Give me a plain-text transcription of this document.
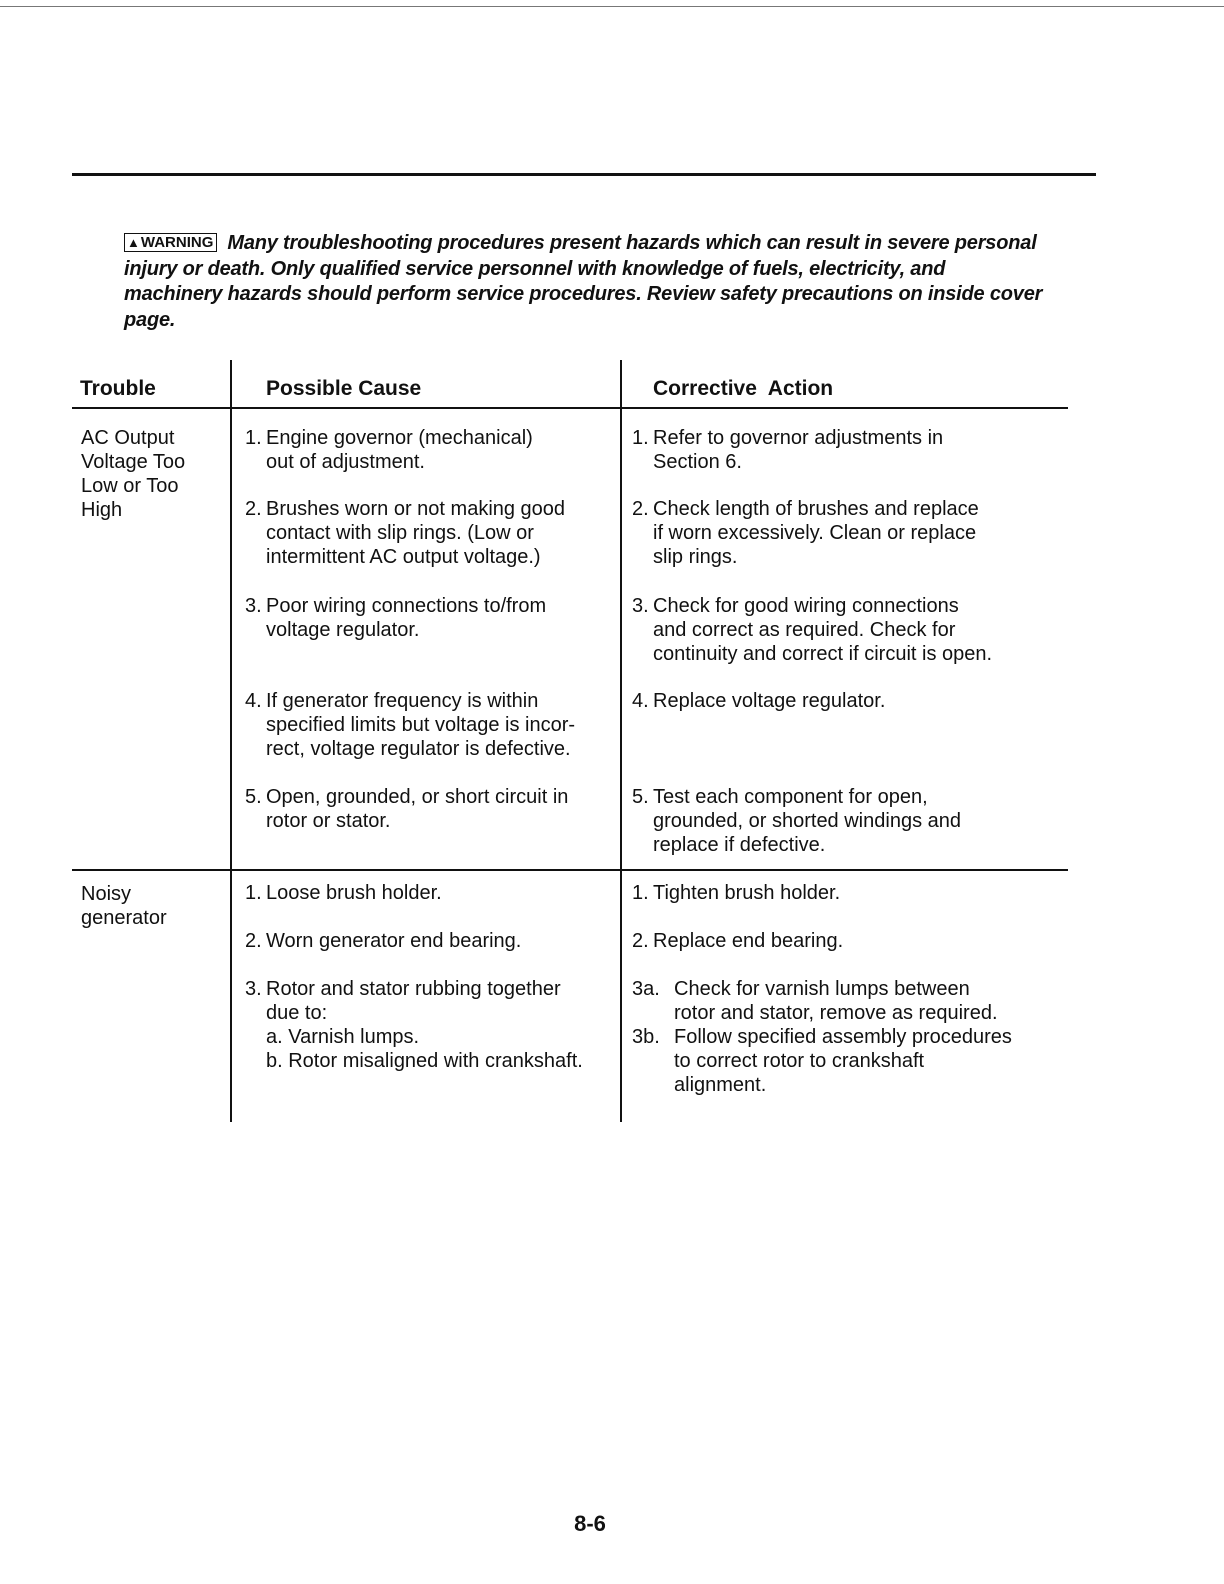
▲WARNING Many troubleshooting procedures present hazards which can result in severe personal injury or death. Only qualified service personnel with knowledge of fuels, electricity, and machinery hazards should perform service procedures. Review safety precautions on inside cover page.
Trouble	Possible Cause	Corrective  Action
AC Output
Voltage Too
Low or Too
High
1. Engine governor (mechanical)
out of adjustment.
2. Brushes worn or not making good
contact with slip rings. (Low or
intermittent AC output voltage.)
3. Poor wiring connections to/from
voltage regulator.
4. If generator frequency is within
specified limits but voltage is incor-
rect, voltage regulator is defective.
5. Open, grounded, or short circuit in
rotor or stator.
1. Refer to governor adjustments in
Section 6.
2. Check length of brushes and replace
if worn excessively. Clean or replace
slip rings.
3. Check for good wiring connections
and correct as required. Check for
continuity and correct if circuit is open.
4. Replace voltage regulator.
5. Test each component for open,
grounded, or shorted windings and
replace if defective.
Noisy
generator
1. Loose brush holder.
2. Worn generator end bearing.
3. Rotor and stator rubbing together
due to:
a. Varnish lumps.
b. Rotor misaligned with crankshaft.
1. Tighten brush holder.
2. Replace end bearing.
3a. Check for varnish lumps between
rotor and stator, remove as required.
3b. Follow specified assembly procedures
to correct rotor to crankshaft
alignment.
8-6
